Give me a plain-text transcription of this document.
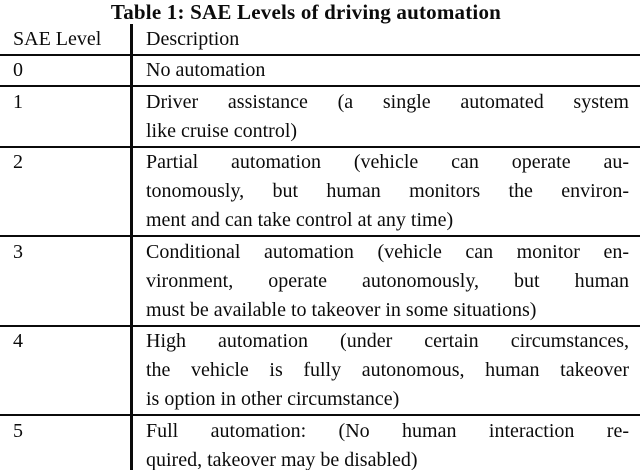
Table 1: SAE Levels of driving automation
SAE Level	Description
0	No automation
1	Driver assistance (a single automated system
like cruise control)
2	Partial automation (vehicle can operate au-
tonomously, but human monitors the environ-
ment and can take control at any time)
3	Conditional automation (vehicle can monitor en-
vironment, operate autonomously, but human
must be available to takeover in some situations)
4	High automation (under certain circumstances,
the vehicle is fully autonomous, human takeover
is option in other circumstance)
5	Full automation: (No human interaction re-
quired, takeover may be disabled)
